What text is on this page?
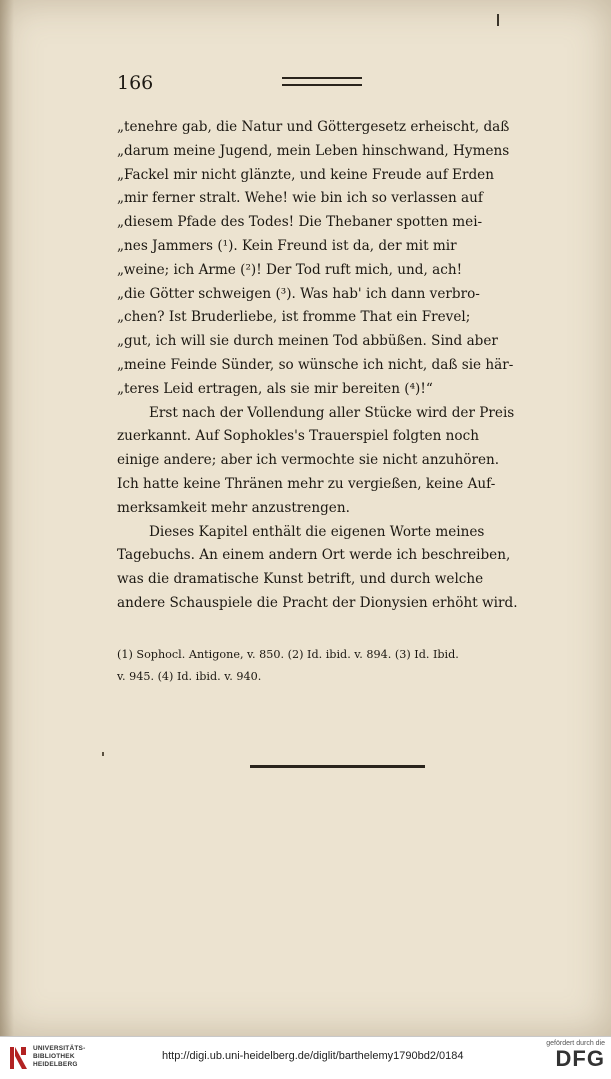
166
„tenehre gab, die Natur und Göttergesetz erheischt, daß
„darum meine Jugend, mein Leben hinschwand, Hymens
„Fackel mir nicht glänzte, und keine Freude auf Erden
„mir ferner stralt. Wehe! wie bin ich so verlassen auf
„diesem Pfade des Todes! Die Thebaner spotten mei-
„nes Jammers (¹). Kein Freund ist da, der mit mir
„weine; ich Arme (²)! Der Tod ruft mich, und, ach!
„die Götter schweigen (³). Was hab' ich dann verbro-
„chen? Ist Bruderliebe, ist fromme That ein Frevel;
„gut, ich will sie durch meinen Tod abbüßen. Sind aber
„meine Feinde Sünder, so wünsche ich nicht, daß sie här-
„teres Leid ertragen, als sie mir bereiten (⁴)!“
Erst nach der Vollendung aller Stücke wird der Preis
zuerkannt. Auf Sophokles's Trauerspiel folgten noch
einige andere; aber ich vermochte sie nicht anzuhören.
Ich hatte keine Thränen mehr zu vergießen, keine Auf-
merksamkeit mehr anzustrengen.
Dieses Kapitel enthält die eigenen Worte meines
Tagebuchs. An einem andern Ort werde ich beschreiben,
was die dramatische Kunst betrift, und durch welche
andere Schauspiele die Pracht der Dionysien erhöht wird.
(1) Sophocl. Antigone, v. 850. (2) Id. ibid. v. 894. (3) Id. Ibid.
v. 945. (4) Id. ibid. v. 940.
UNIVERSITÄTS-
BIBLIOTHEK
HEIDELBERG
http://digi.ub.uni-heidelberg.de/diglit/barthelemy1790bd2/0184
gefördert durch die
DFG
